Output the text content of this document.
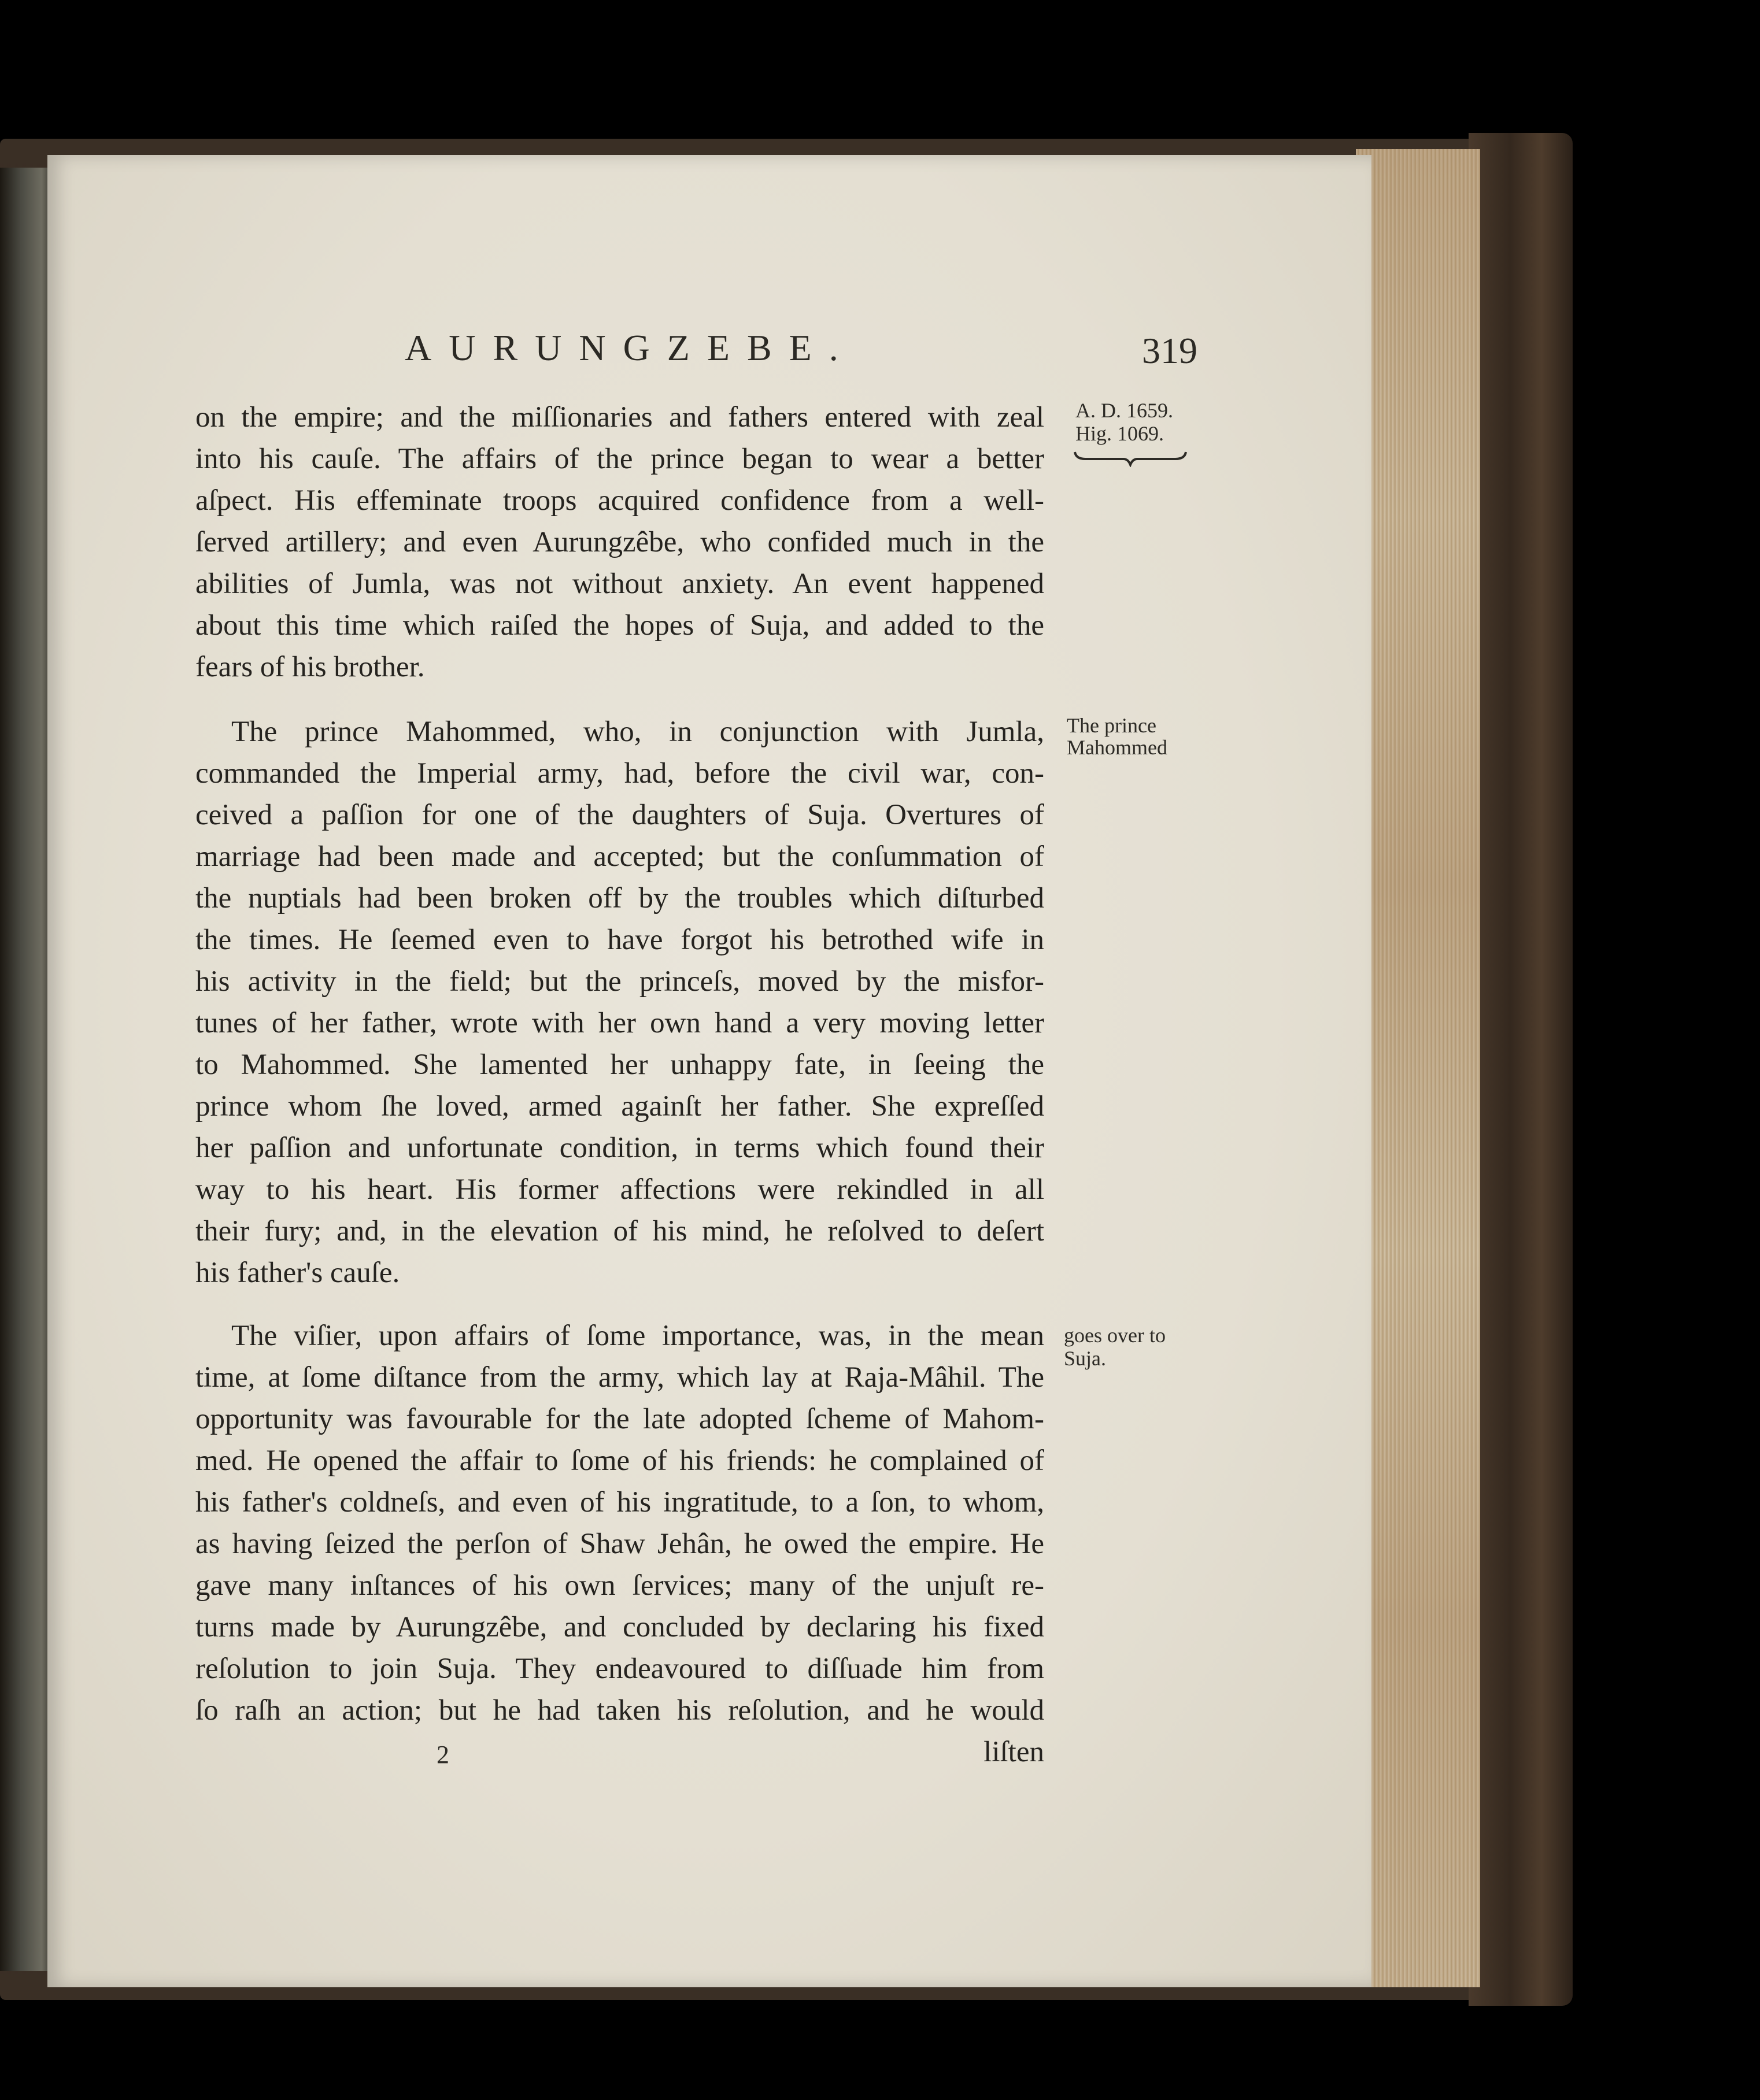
AURUNGZEBE.	319
A. D. 1659.
Hig. 1069.
The prince
Mahommed
goes over to
Suja.
on the empire; and the miſſionaries and fathers entered with zeal
into his cauſe. The affairs of the prince began to wear a better
aſpect. His effeminate troops acquired confidence from a well-
ſerved artillery; and even Aurungzêbe, who confided much in the
abilities of Jumla, was not without anxiety. An event happened
about this time which raiſed the hopes of Suja, and added to the
fears of his brother.
The prince Mahommed, who, in conjunction with Jumla,
commanded the Imperial army, had, before the civil war, con-
ceived a paſſion for one of the daughters of Suja. Overtures of
marriage had been made and accepted; but the conſummation of
the nuptials had been broken off by the troubles which diſturbed
the times. He ſeemed even to have forgot his betrothed wife in
his activity in the field; but the princeſs, moved by the misfor-
tunes of her father, wrote with her own hand a very moving letter
to Mahommed. She lamented her unhappy fate, in ſeeing the
prince whom ſhe loved, armed againſt her father. She expreſſed
her paſſion and unfortunate condition, in terms which found their
way to his heart. His former affections were rekindled in all
their fury; and, in the elevation of his mind, he reſolved to deſert
his father's cauſe.
The viſier, upon affairs of ſome importance, was, in the mean
time, at ſome diſtance from the army, which lay at Raja-Mâhil. The
opportunity was favourable for the late adopted ſcheme of Mahom-
med. He opened the affair to ſome of his friends: he complained of
his father's coldneſs, and even of his ingratitude, to a ſon, to whom,
as having ſeized the perſon of Shaw Jehân, he owed the empire. He
gave many inſtances of his own ſervices; many of the unjuſt re-
turns made by Aurungzêbe, and concluded by declaring his fixed
reſolution to join Suja. They endeavoured to diſſuade him from
ſo raſh an action; but he had taken his reſolution, and he would
2	liſten
